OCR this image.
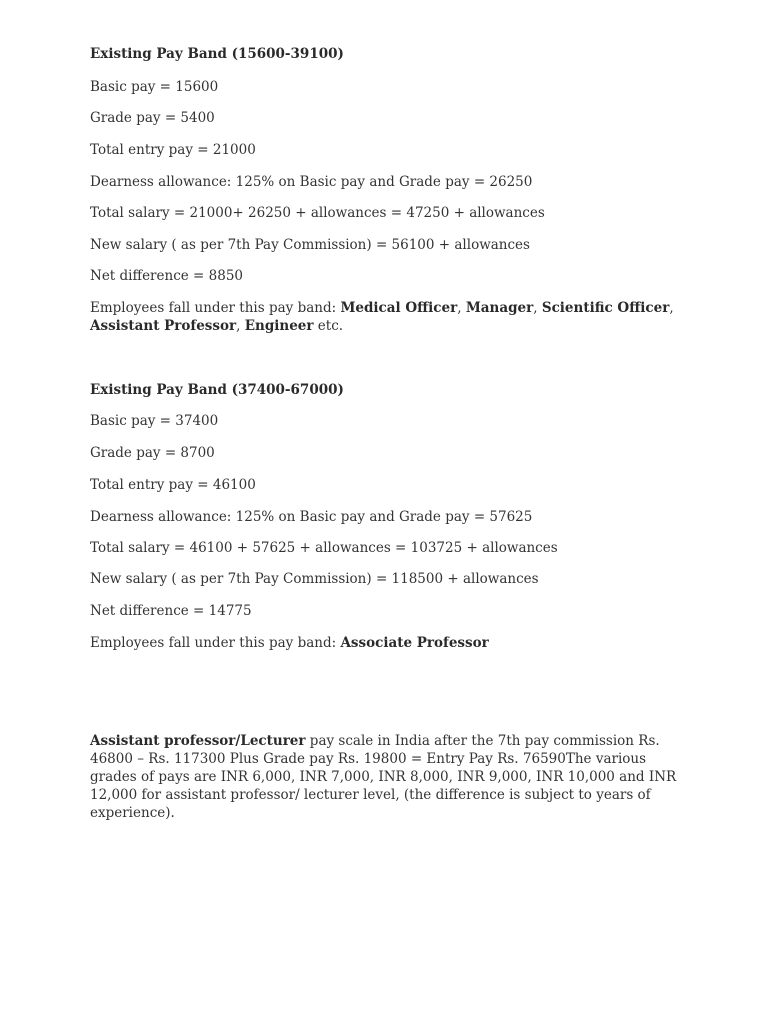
Existing Pay Band (15600-39100)
Basic pay = 15600
Grade pay = 5400
Total entry pay = 21000
Dearness allowance: 125% on Basic pay and Grade pay = 26250
Total salary = 21000+ 26250 + allowances = 47250 + allowances
New salary ( as per 7th Pay Commission) = 56100 + allowances
Net difference = 8850
Employees fall under this pay band: Medical Officer, Manager, Scientific Officer,
Assistant Professor, Engineer etc.
Existing Pay Band (37400-67000)
Basic pay = 37400
Grade pay = 8700
Total entry pay = 46100
Dearness allowance: 125% on Basic pay and Grade pay = 57625
Total salary = 46100 + 57625 + allowances = 103725 + allowances
New salary ( as per 7th Pay Commission) = 118500 + allowances
Net difference = 14775
Employees fall under this pay band: Associate Professor
Assistant professor/Lecturer pay scale in India after the 7th pay commission Rs. 46800 – Rs. 117300 Plus Grade pay Rs. 19800 = Entry Pay Rs. 76590The various grades of pays are INR 6,000, INR 7,000, INR 8,000, INR 9,000, INR 10,000 and INR 12,000 for assistant professor/ lecturer level, (the difference is subject to years of experience).
